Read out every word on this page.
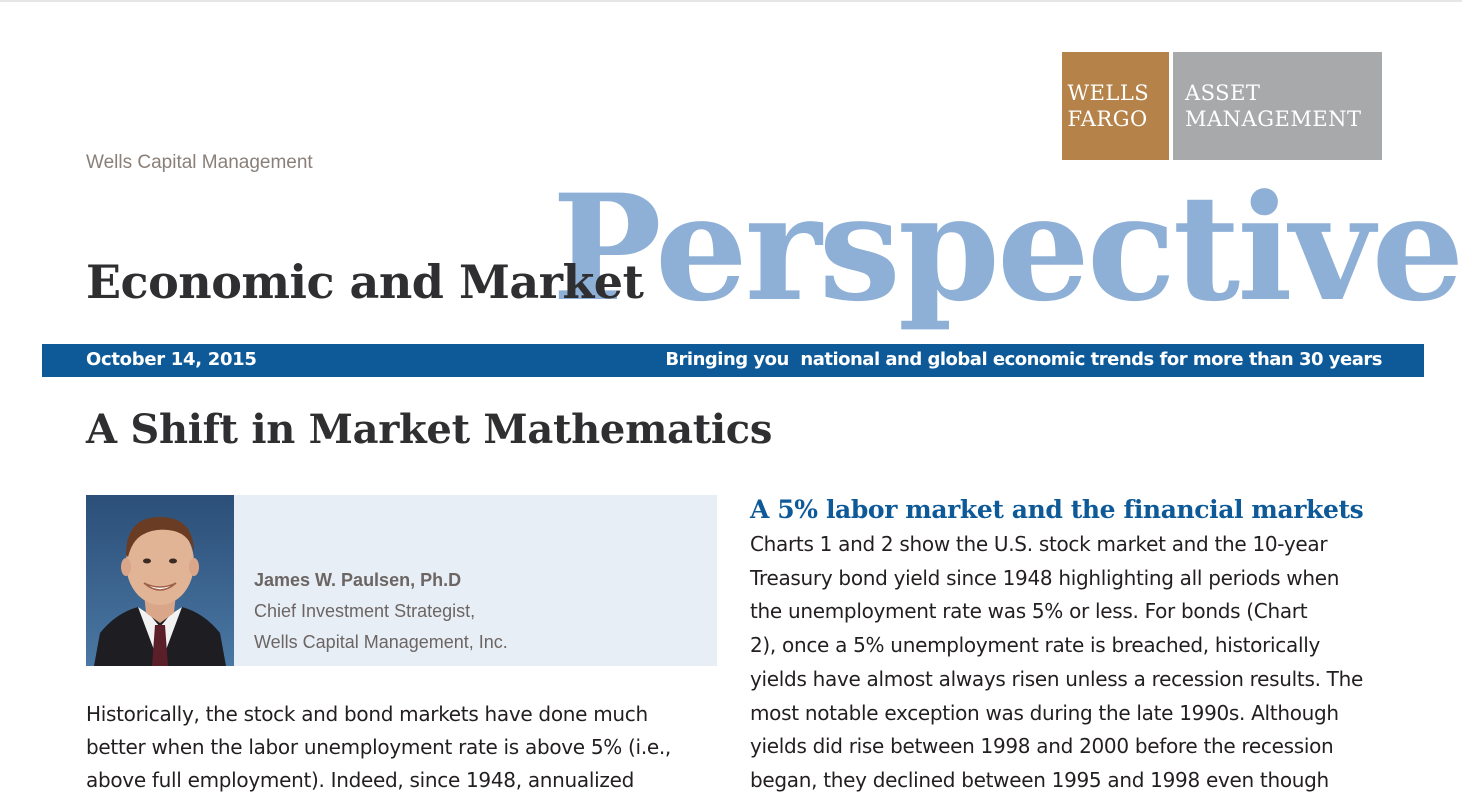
WELLS
FARGO
ASSET
MANAGEMENT
Wells Capital Management
Perspective
Economic and Market
October 14, 2015	Bringing you  national and global economic trends for more than 30 years
A Shift in Market Mathematics
James W. Paulsen, Ph.D
Chief Investment Strategist,
Wells Capital Management, Inc.
Historically, the stock and bond markets have done much
better when the labor unemployment rate is above 5% (i.e.,
above full employment). Indeed, since 1948, annualized
A 5% labor market and the financial markets
Charts 1 and 2 show the U.S. stock market and the 10-year
Treasury bond yield since 1948 highlighting all periods when
the unemployment rate was 5% or less. For bonds (Chart
2), once a 5% unemployment rate is breached, historically
yields have almost always risen unless a recession results. The
most notable exception was during the late 1990s. Although
yields did rise between 1998 and 2000 before the recession
began, they declined between 1995 and 1998 even though
